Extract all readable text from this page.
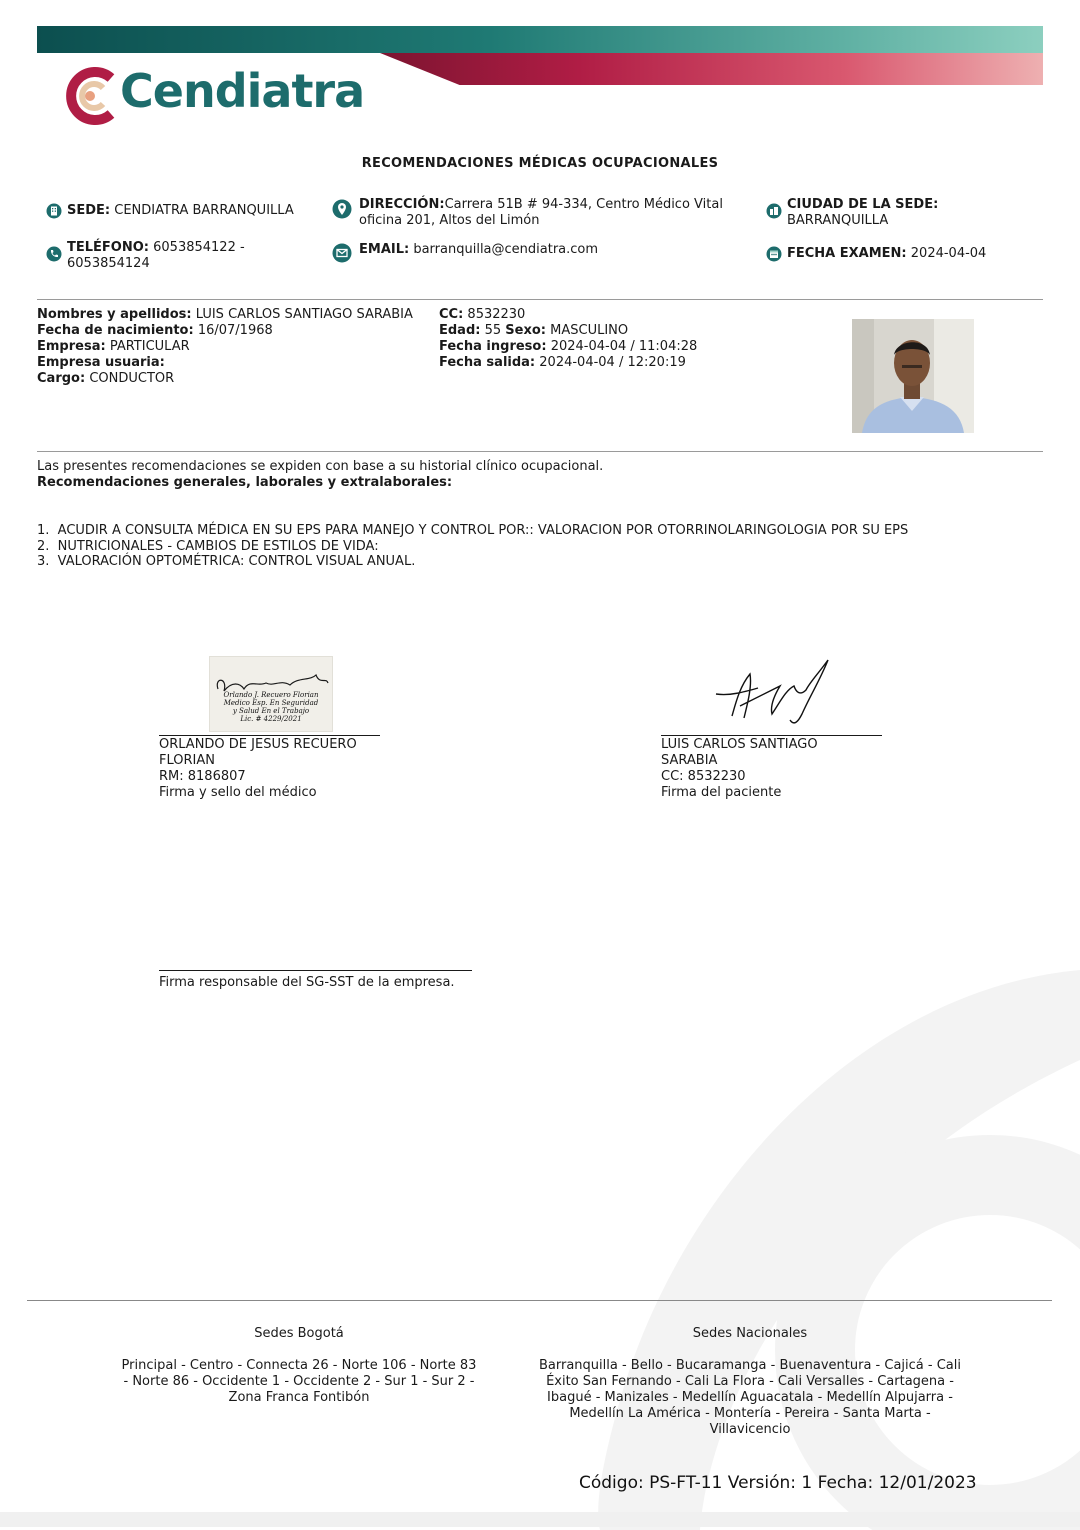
Cendiatra
RECOMENDACIONES MÉDICAS OCUPACIONALES
SEDE: CENDIATRA BARRANQUILLA	DIRECCIÓN:Carrera 51B # 94-334, Centro Médico Vital
oficina 201, Altos del Limón
CIUDAD DE LA SEDE:
BARRANQUILLA
TELÉFONO: 6053854122 -
6053854124
EMAIL: barranquilla@cendiatra.com	FECHA EXAMEN: 2024-04-04
Nombres y apellidos: LUIS CARLOS SANTIAGO SARABIA
Fecha de nacimiento: 16/07/1968
Empresa: PARTICULAR
Empresa usuaria:
Cargo: CONDUCTOR
CC: 8532230
Edad: 55 Sexo: MASCULINO
Fecha ingreso: 2024-04-04 / 11:04:28
Fecha salida: 2024-04-04 / 12:20:19
Las presentes recomendaciones se expiden con base a su historial clínico ocupacional.
Recomendaciones generales, laborales y extralaborales:
1. ACUDIR A CONSULTA MÉDICA EN SU EPS PARA MANEJO Y CONTROL POR:: VALORACION POR OTORRINOLARINGOLOGIA POR SU EPS
2. NUTRICIONALES - CAMBIOS DE ESTILOS DE VIDA:
3. VALORACIÓN OPTOMÉTRICA: CONTROL VISUAL ANUAL.
Orlando J. Recuero Florian
Medico Esp. En Seguridad
y Salud En el Trabajo
Lic. # 4229/2021
ORLANDO DE JESUS RECUERO
FLORIAN
RM: 8186807
Firma y sello del médico
LUIS CARLOS SANTIAGO
SARABIA
CC: 8532230
Firma del paciente
Firma responsable del SG-SST de la empresa.
Sedes Bogotá
Principal - Centro - Connecta 26 - Norte 106 - Norte 83
- Norte 86 - Occidente 1 - Occidente 2 - Sur 1 - Sur 2 -
Zona Franca Fontibón
Sedes Nacionales
Barranquilla - Bello - Bucaramanga - Buenaventura - Cajicá - Cali
Éxito San Fernando - Cali La Flora - Cali Versalles - Cartagena -
Ibagué - Manizales - Medellín Aguacatala - Medellín Alpujarra -
Medellín La América - Montería - Pereira - Santa Marta -
Villavicencio
Código: PS-FT-11 Versión: 1 Fecha: 12/01/2023
